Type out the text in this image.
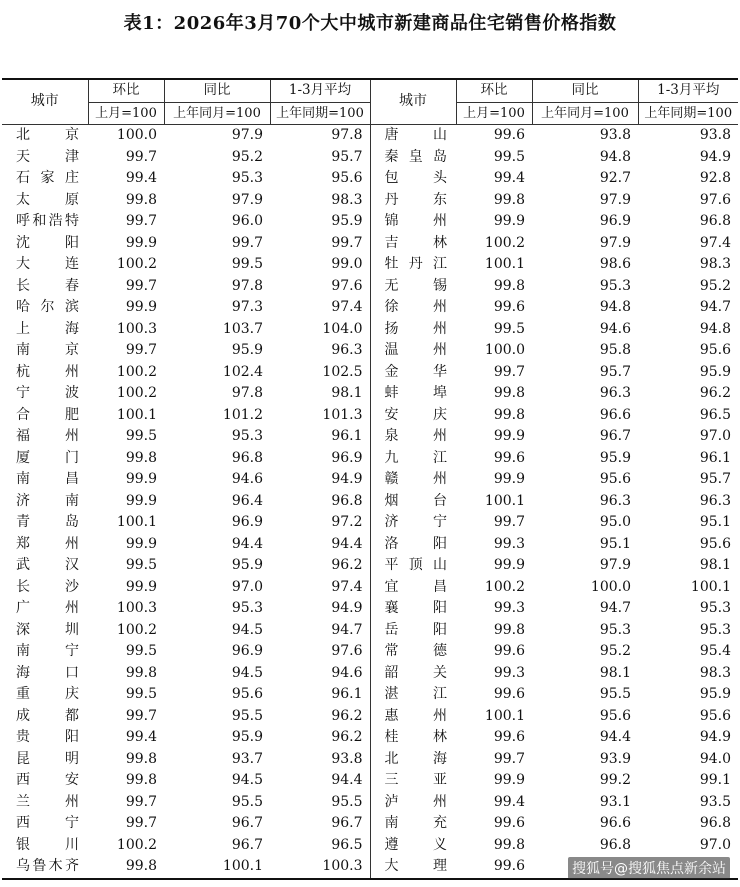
表1：2026年3月70个大中城市新建商品住宅销售价格指数
城市	环比	同比	1-3月平均	城市	环比	同比	1-3月平均
	上月=100	上年同月=100	上年同期=100		上月=100	上年同月=100	上年同期=100
北京	100.0	97.9	97.8	唐山	99.6	93.8	93.8
天津	99.7	95.2	95.7	秦皇岛	99.5	94.8	94.9
石家庄	99.4	95.3	95.6	包头	99.4	92.7	92.8
太原	99.8	97.9	98.3	丹东	99.8	97.9	97.6
呼和浩特	99.7	96.0	95.9	锦州	99.9	96.9	96.8
沈阳	99.9	99.7	99.7	吉林	100.2	97.9	97.4
大连	100.2	99.5	99.0	牡丹江	100.1	98.6	98.3
长春	99.7	97.8	97.6	无锡	99.8	95.3	95.2
哈尔滨	99.9	97.3	97.4	徐州	99.6	94.8	94.7
上海	100.3	103.7	104.0	扬州	99.5	94.6	94.8
南京	99.7	95.9	96.3	温州	100.0	95.8	95.6
杭州	100.2	102.4	102.5	金华	99.7	95.7	95.9
宁波	100.2	97.8	98.1	蚌埠	99.8	96.3	96.2
合肥	100.1	101.2	101.3	安庆	99.8	96.6	96.5
福州	99.5	95.3	96.1	泉州	99.9	96.7	97.0
厦门	99.8	96.8	96.9	九江	99.6	95.9	96.1
南昌	99.9	94.6	94.9	赣州	99.9	95.6	95.7
济南	99.9	96.4	96.8	烟台	100.1	96.3	96.3
青岛	100.1	96.9	97.2	济宁	99.7	95.0	95.1
郑州	99.9	94.4	94.4	洛阳	99.3	95.1	95.6
武汉	99.5	95.9	96.2	平顶山	99.9	97.9	98.1
长沙	99.9	97.0	97.4	宜昌	100.2	100.0	100.1
广州	100.3	95.3	94.9	襄阳	99.3	94.7	95.3
深圳	100.2	94.5	94.7	岳阳	99.8	95.3	95.3
南宁	99.5	96.9	97.6	常德	99.6	95.2	95.4
海口	99.8	94.5	94.6	韶关	99.3	98.1	98.3
重庆	99.5	95.6	96.1	湛江	99.6	95.5	95.9
成都	99.7	95.5	96.2	惠州	100.1	95.6	95.6
贵阳	99.4	95.9	96.2	桂林	99.6	94.4	94.9
昆明	99.8	93.7	93.8	北海	99.7	93.9	94.0
西安	99.8	94.5	94.4	三亚	99.9	99.2	99.1
兰州	99.7	95.5	95.5	泸州	99.4	93.1	93.5
西宁	99.7	96.7	96.7	南充	99.6	96.6	96.8
银川	100.2	96.7	96.5	遵义	99.8	96.8	97.0
乌鲁木齐	99.8	100.1	100.3	大理	99.6			搜狐号@搜狐焦点新余站
